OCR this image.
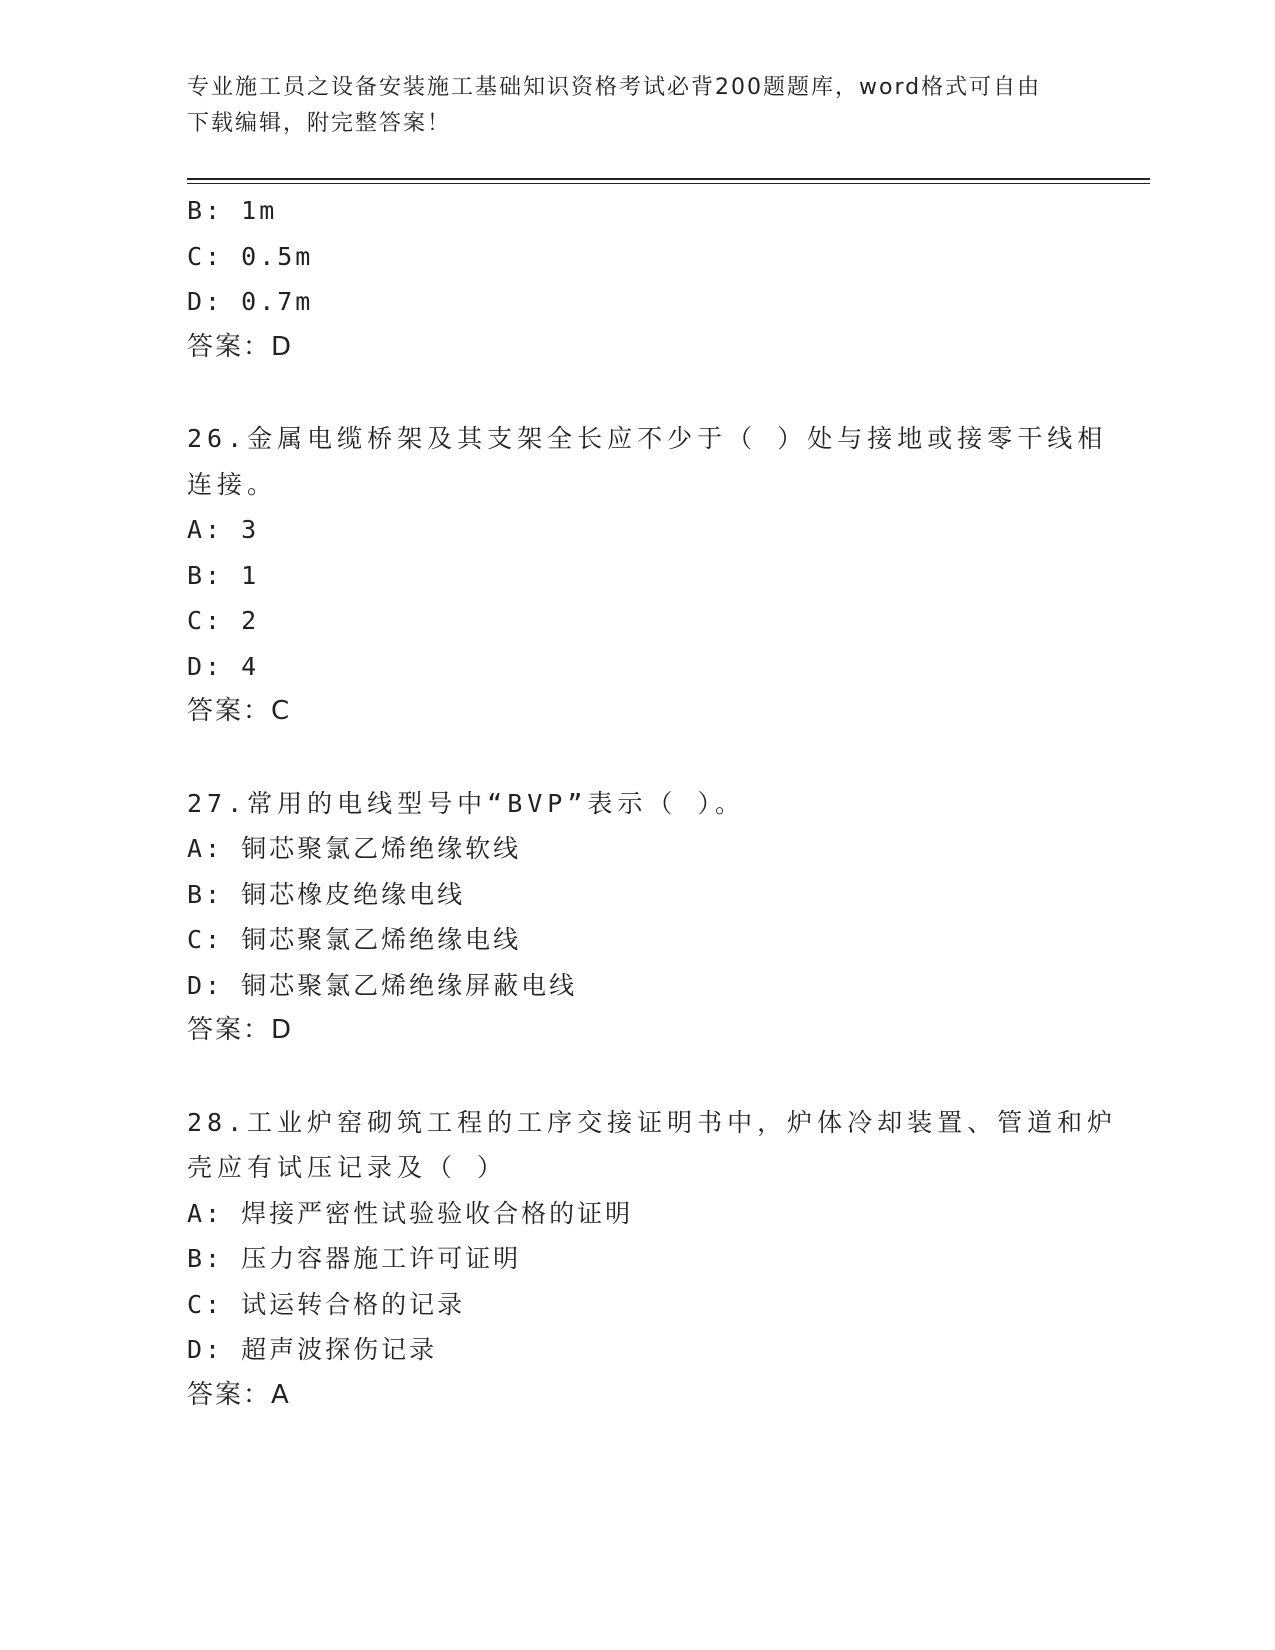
专业施工员之设备安装施工基础知识资格考试必背200题题库，word格式可自由
下载编辑，附完整答案！
B: 1m
C: 0.5m
D: 0.7m
答案：D
26.金属电缆桥架及其支架全长应不少于（ ）处与接地或接零干线相
连接。
A: 3
B: 1
C: 2
D: 4
答案：C
27.常用的电线型号中“BVP”表示（ ）。
A: 铜芯聚氯乙烯绝缘软线
B: 铜芯橡皮绝缘电线
C: 铜芯聚氯乙烯绝缘电线
D: 铜芯聚氯乙烯绝缘屏蔽电线
答案：D
28.工业炉窑砌筑工程的工序交接证明书中，炉体冷却装置、管道和炉
壳应有试压记录及（ ）
A: 焊接严密性试验验收合格的证明
B: 压力容器施工许可证明
C: 试运转合格的记录
D: 超声波探伤记录
答案：A
